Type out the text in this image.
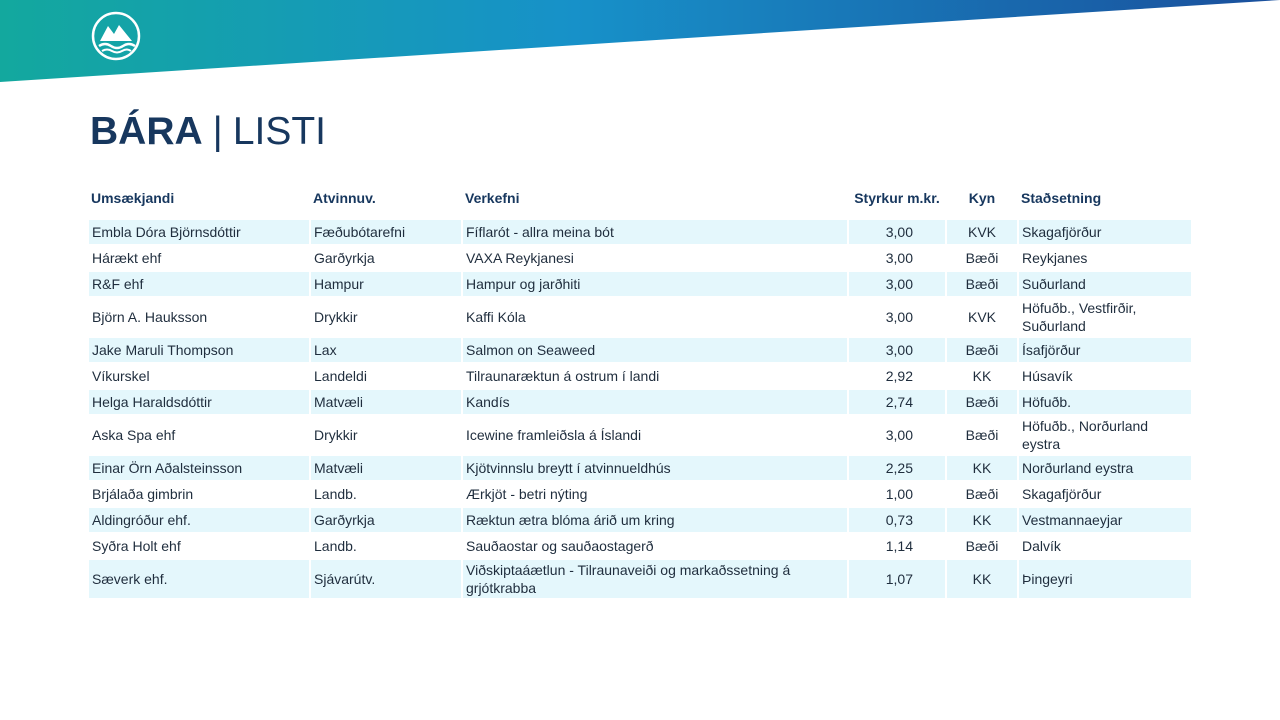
BÁRA | LISTI
Umsækjandi	Atvinnuv.	Verkefni	Styrkur m.kr.	Kyn	Staðsetning

Embla Dóra Björnsdóttir	Fæðubótarefni	Fíflarót - allra meina bót	3,00	KVK	Skagafjörður
Hárækt ehf	Garðyrkja	VAXA Reykjanesi	3,00	Bæði	Reykjanes
R&F ehf	Hampur	Hampur og jarðhiti	3,00	Bæði	Suðurland
Björn A. Hauksson	Drykkir	Kaffi Kóla	3,00	KVK	Höfuðb., Vestfirðir, Suðurland
Jake Maruli Thompson	Lax	Salmon on Seaweed	3,00	Bæði	Ísafjörður
Víkurskel	Landeldi	Tilraunaræktun á ostrum í landi	2,92	KK	Húsavík
Helga Haraldsdóttir	Matvæli	Kandís	2,74	Bæði	Höfuðb.
Aska Spa ehf	Drykkir	Icewine framleiðsla á Íslandi	3,00	Bæði	Höfuðb., Norðurland eystra
Einar Örn Aðalsteinsson	Matvæli	Kjötvinnslu breytt í atvinnueldhús	2,25	KK	Norðurland eystra
Brjálaða gimbrin	Landb.	Ærkjöt - betri nýting	1,00	Bæði	Skagafjörður
Aldingróður ehf.	Garðyrkja	Ræktun ætra blóma árið um kring	0,73	KK	Vestmannaeyjar
Syðra Holt ehf	Landb.	Sauðaostar og sauðaostagerð	1,14	Bæði	Dalvík
Sæverk ehf.	Sjávarútv.	Viðskiptaáætlun - Tilraunaveiði og markaðssetning á grjótkrabba	1,07	KK	Þingeyri
